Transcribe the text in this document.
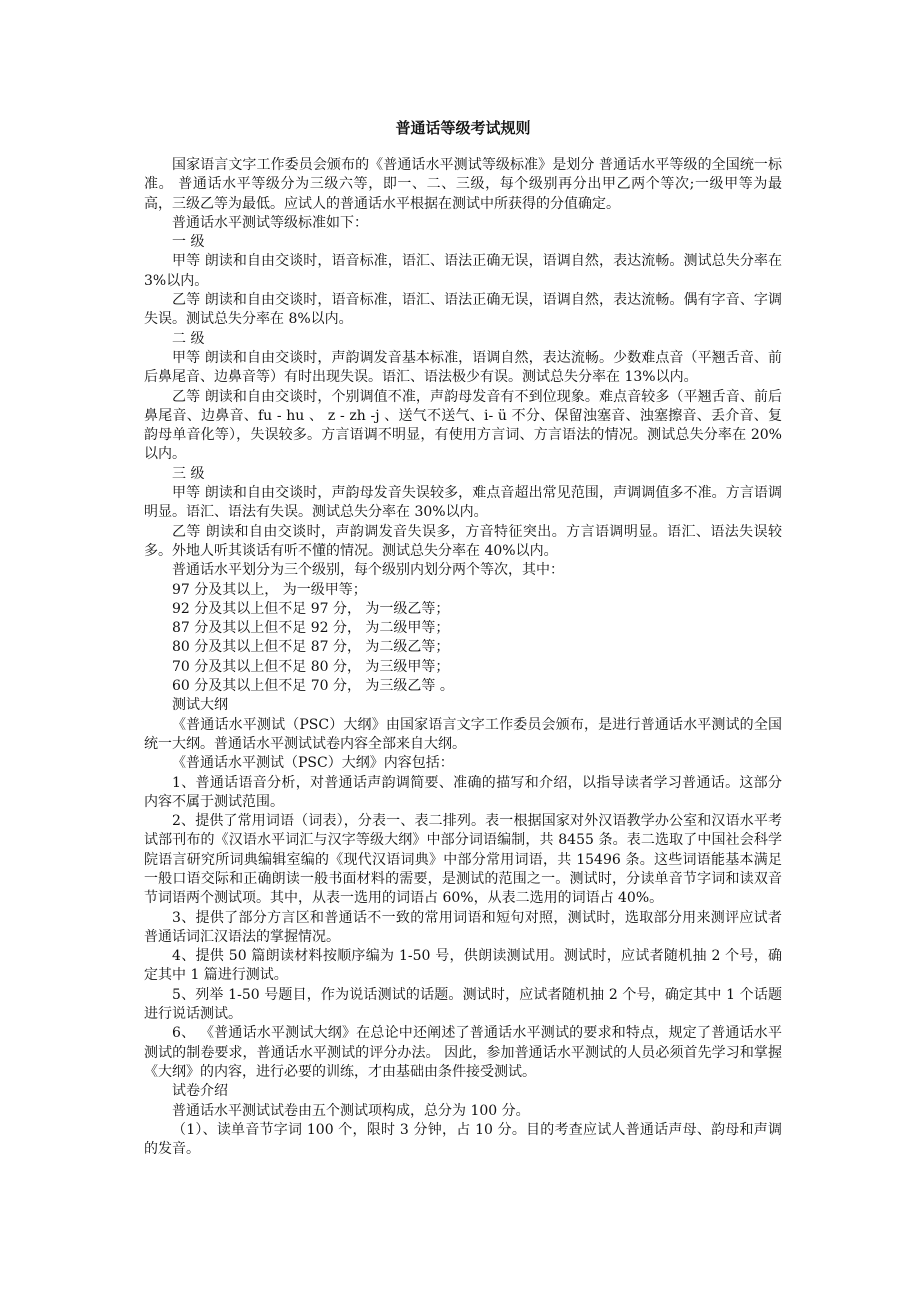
普通话等级考试规则

国家语言文字工作委员会颁布的《普通话水平测试等级标准》是划分 普通话水平等级的全国统一标准。 普通话水平等级分为三级六等，即一、二、三级，每个级别再分出甲乙两个等次;一级甲等为最高，三级乙等为最低。应试人的普通话水平根据在测试中所获得的分值确定。

普通话水平测试等级标准如下：

一 级

甲等 朗读和自由交谈时，语音标准，语汇、语法正确无误，语调自然，表达流畅。测试总失分率在 3%以内。

乙等 朗读和自由交谈时，语音标准，语汇、语法正确无误，语调自然，表达流畅。偶有字音、字调失误。测试总失分率在 8%以内。

二 级

甲等 朗读和自由交谈时，声韵调发音基本标准，语调自然，表达流畅。少数难点音（平翘舌音、前后鼻尾音、边鼻音等）有时出现失误。语汇、语法极少有误。测试总失分率在 13%以内。

乙等 朗读和自由交谈时，个别调值不准，声韵母发音有不到位现象。难点音较多（平翘舌音、前后鼻尾音、边鼻音、fu - hu 、 z - zh -j 、送气不送气、i- ü 不分、保留浊塞音、浊塞擦音、丢介音、复韵母单音化等），失误较多。方言语调不明显，有使用方言词、方言语法的情况。测试总失分率在 20%以内。

三 级

甲等 朗读和自由交谈时，声韵母发音失误较多，难点音超出常见范围，声调调值多不准。方言语调明显。语汇、语法有失误。测试总失分率在 30%以内。

乙等 朗读和自由交谈时，声韵调发音失误多，方音特征突出。方言语调明显。语汇、语法失误较多。外地人听其谈话有听不懂的情况。测试总失分率在 40%以内。

普通话水平划分为三个级别，每个级别内划分两个等次，其中：

97 分及其以上， 为一级甲等；

92 分及其以上但不足 97 分， 为一级乙等；

87 分及其以上但不足 92 分， 为二级甲等；

80 分及其以上但不足 87 分， 为二级乙等；

70 分及其以上但不足 80 分， 为三级甲等；

60 分及其以上但不足 70 分， 为三级乙等 。

测试大纲

《普通话水平测试（PSC）大纲》由国家语言文字工作委员会颁布，是进行普通话水平测试的全国统一大纲。普通话水平测试试卷内容全部来自大纲。

《普通话水平测试（PSC）大纲》内容包括：

1、普通话语音分析，对普通话声韵调简要、准确的描写和介绍，以指导读者学习普通话。这部分内容不属于测试范围。

2、提供了常用词语（词表），分表一、表二排列。表一根据国家对外汉语教学办公室和汉语水平考试部刊布的《汉语水平词汇与汉字等级大纲》中部分词语编制，共 8455 条。表二选取了中国社会科学院语言研究所词典编辑室编的《现代汉语词典》中部分常用词语，共 15496 条。这些词语能基本满足一般口语交际和正确朗读一般书面材料的需要，是测试的范围之一。测试时，分读单音节字词和读双音节词语两个测试项。其中，从表一选用的词语占 60%，从表二选用的词语占 40%。

3、提供了部分方言区和普通话不一致的常用词语和短句对照，测试时，选取部分用来测评应试者普通话词汇汉语法的掌握情况。

4、提供 50 篇朗读材料按顺序编为 1-50 号，供朗读测试用。测试时，应试者随机抽 2 个号，确定其中 1 篇进行测试。

5、列举 1-50 号题目，作为说话测试的话题。测试时，应试者随机抽 2 个号，确定其中 1 个话题进行说话测试。

6、 《普通话水平测试大纲》在总论中还阐述了普通话水平测试的要求和特点，规定了普通话水平测试的制卷要求，普通话水平测试的评分办法。 因此，参加普通话水平测试的人员必须首先学习和掌握《大纲》的内容，进行必要的训练，才由基础由条件接受测试。

试卷介绍

普通话水平测试试卷由五个测试项构成，总分为 100 分。

（1）、读单音节字词 100 个，限时 3 分钟，占 10 分。目的考查应试人普通话声母、韵母和声调的发音。
